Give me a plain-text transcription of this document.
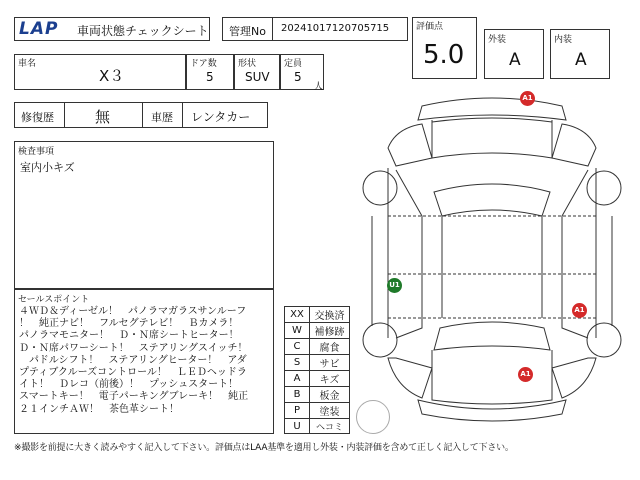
LAP 車両状態チェックシート 管理No 20241017120705715	評価点
5.0	外装
A
内装
A
車名
X３
ドア数
5
形状
SUV
定員
5
人
修復歴	無	車歴 レンタカー
検査事項
室内小キズ
セールスポイント
４ＷＤ＆ディーゼル！　パノラマガラスサンルーフ
！　純正ナビ！　フルセグテレビ！　Ｂカメラ！
パノラマモニター！　Ｄ・Ｎ席シートヒーター！
Ｄ・Ｎ席パワーシート！　ステアリングスイッチ！
　パドルシフト！　ステアリングヒーター！　アダ
プティブクルーズコントロール！　ＬＥＤヘッドラ
イト！　Ｄレコ（前後）！　プッシュスタート！
スマートキー！　電子パーキングブレーキ！　純正
２１インチＡＷ！　茶色革シート！
XX	交換済
W	補修跡
C	腐食
S	サビ
A	キズ
B	板金
P	塗装
U	ヘコミ
A1
U1
A1
A1
※撮影を前提に大きく読みやすく記入して下さい。評価点はLAA基準を適用し外装・内装評価を含めて正しく記入して下さい。
